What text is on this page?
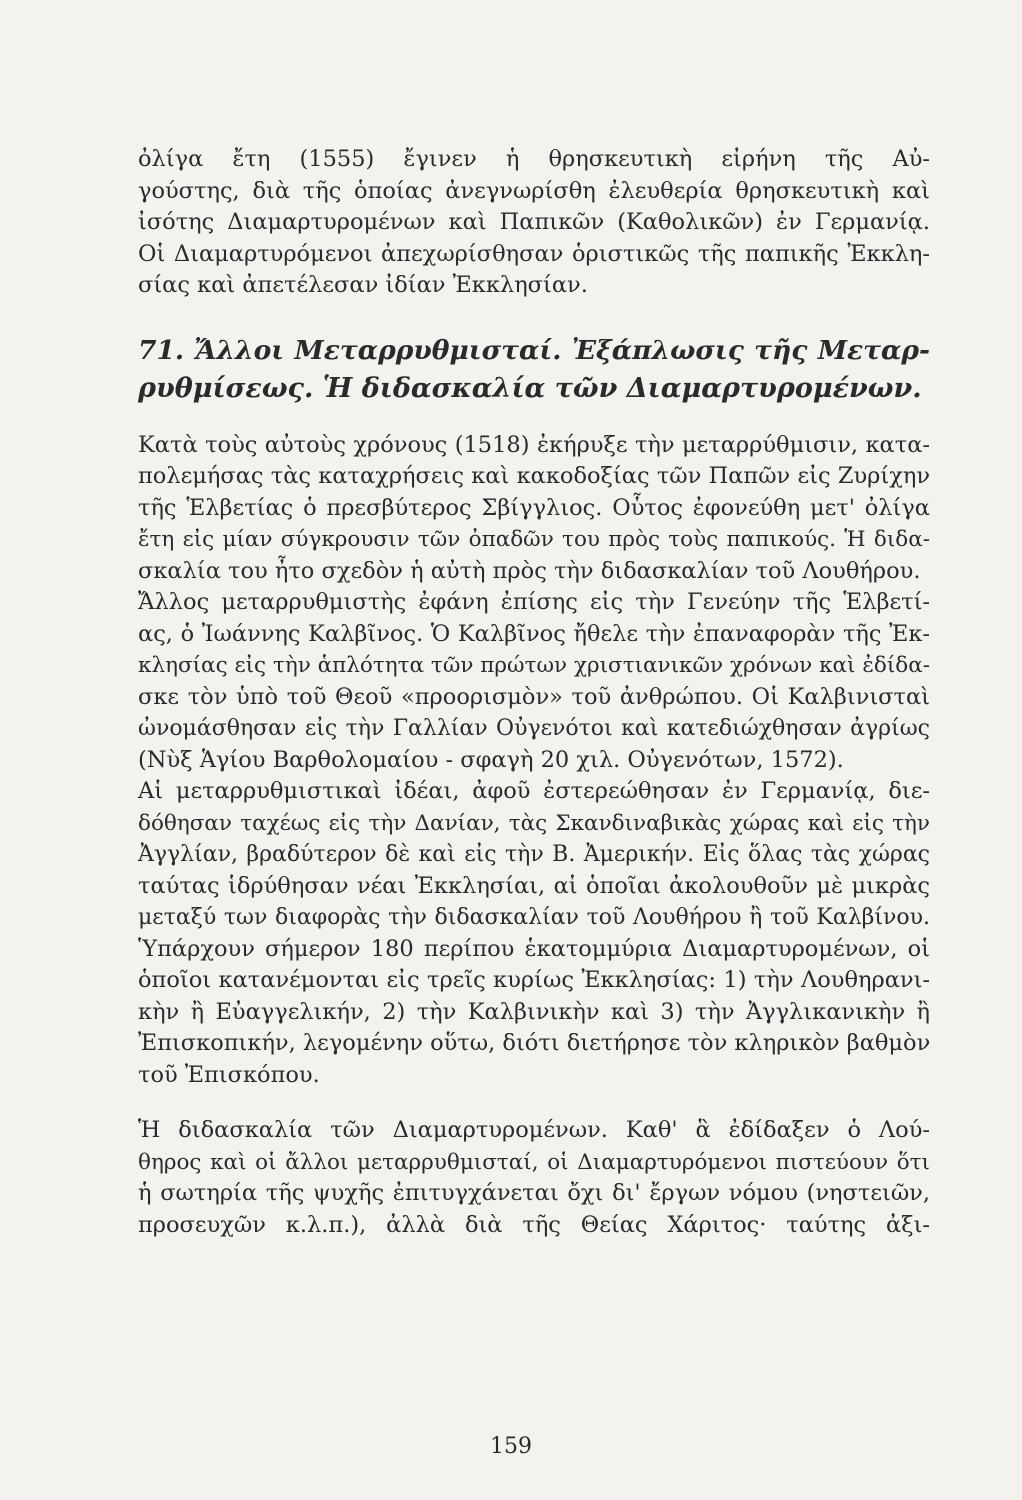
ὀλίγα ἔτη (1555) ἔγινεν ἡ θρησκευτικὴ εἰρήνη τῆς Αὐ-
γούστης, διὰ τῆς ὁποίας ἀνεγνωρίσθη ἐλευθερία θρησκευτικὴ καὶ
ἰσότης Διαμαρτυρομένων καὶ Παπικῶν (Καθολικῶν) ἐν Γερμανίᾳ.
Οἱ Διαμαρτυρόμενοι ἀπεχωρίσθησαν ὁριστικῶς τῆς παπικῆς Ἐκκλη-
σίας καὶ ἀπετέλεσαν ἰδίαν Ἐκκλησίαν.
71. Ἄλλοι Μεταρρυθμισταί. Ἐξάπλωσις τῆς Μεταρ-
ρυθμίσεως. Ἡ διδασκαλία τῶν Διαμαρτυρομένων.
Κατὰ τοὺς αὐτοὺς χρόνους (1518) ἐκήρυξε τὴν μεταρρύθμισιν, κατα-
πολεμήσας τὰς καταχρήσεις καὶ κακοδοξίας τῶν Παπῶν εἰς Ζυρίχην
τῆς Ἑλβετίας ὁ πρεσβύτερος Σβίγγλιος. Οὗτος ἐφονεύθη μετ' ὀλίγα
ἔτη εἰς μίαν σύγκρουσιν τῶν ὀπαδῶν του πρὸς τοὺς παπικούς. Ἡ διδα-
σκαλία του ἦτο σχεδὸν ἡ αὐτὴ πρὸς τὴν διδασκαλίαν τοῦ Λουθήρου.
Ἄλλος μεταρρυθμιστὴς ἐφάνη ἐπίσης εἰς τὴν Γενεύην τῆς Ἑλβετί-
ας, ὁ Ἰωάννης Καλβῖνος. Ὁ Καλβῖνος ἤθελε τὴν ἐπαναφορὰν τῆς Ἐκ-
κλησίας εἰς τὴν ἁπλότητα τῶν πρώτων χριστιανικῶν χρόνων καὶ ἐδίδα-
σκε τὸν ὑπὸ τοῦ Θεοῦ «προορισμὸν» τοῦ ἀνθρώπου. Οἱ Καλβινισταὶ
ὠνομάσθησαν εἰς τὴν Γαλλίαν Οὐγενότοι καὶ κατεδιώχθησαν ἀγρίως
(Νὺξ Ἁγίου Βαρθολομαίου - σφαγὴ 20 χιλ. Οὐγενότων, 1572).
Αἱ μεταρρυθμιστικαὶ ἰδέαι, ἀφοῦ ἐστερεώθησαν ἐν Γερμανίᾳ, διε-
δόθησαν ταχέως εἰς τὴν Δανίαν, τὰς Σκανδιναβικὰς χώρας καὶ εἰς τὴν
Ἀγγλίαν, βραδύτερον δὲ καὶ εἰς τὴν Β. Ἀμερικήν. Εἰς ὅλας τὰς χώρας
ταύτας ἱδρύθησαν νέαι Ἐκκλησίαι, αἱ ὁποῖαι ἀκολουθοῦν μὲ μικρὰς
μεταξύ των διαφορὰς τὴν διδασκαλίαν τοῦ Λουθήρου ἢ τοῦ Καλβίνου.
Ὑπάρχουν σήμερον 180 περίπου ἑκατομμύρια Διαμαρτυρομένων, οἱ
ὁποῖοι κατανέμονται εἰς τρεῖς κυρίως Ἐκκλησίας: 1) τὴν Λουθηρανι-
κὴν ἢ Εὐαγγελικήν, 2) τὴν Καλβινικὴν καὶ 3) τὴν Ἀγγλικανικὴν ἢ
Ἐπισκοπικήν, λεγομένην οὕτω, διότι διετήρησε τὸν κληρικὸν βαθμὸν
τοῦ Ἐπισκόπου.
Ἡ διδασκαλία τῶν Διαμαρτυρομένων. Καθ' ἃ ἐδίδαξεν ὁ Λού-
θηρος καὶ οἱ ἄλλοι μεταρρυθμισταί, οἱ Διαμαρτυρόμενοι πιστεύουν ὅτι
ἡ σωτηρία τῆς ψυχῆς ἐπιτυγχάνεται ὄχι δι' ἔργων νόμου (νηστειῶν,
προσευχῶν κ.λ.π.), ἀλλὰ διὰ τῆς Θείας Χάριτος· ταύτης ἀξι-
159
